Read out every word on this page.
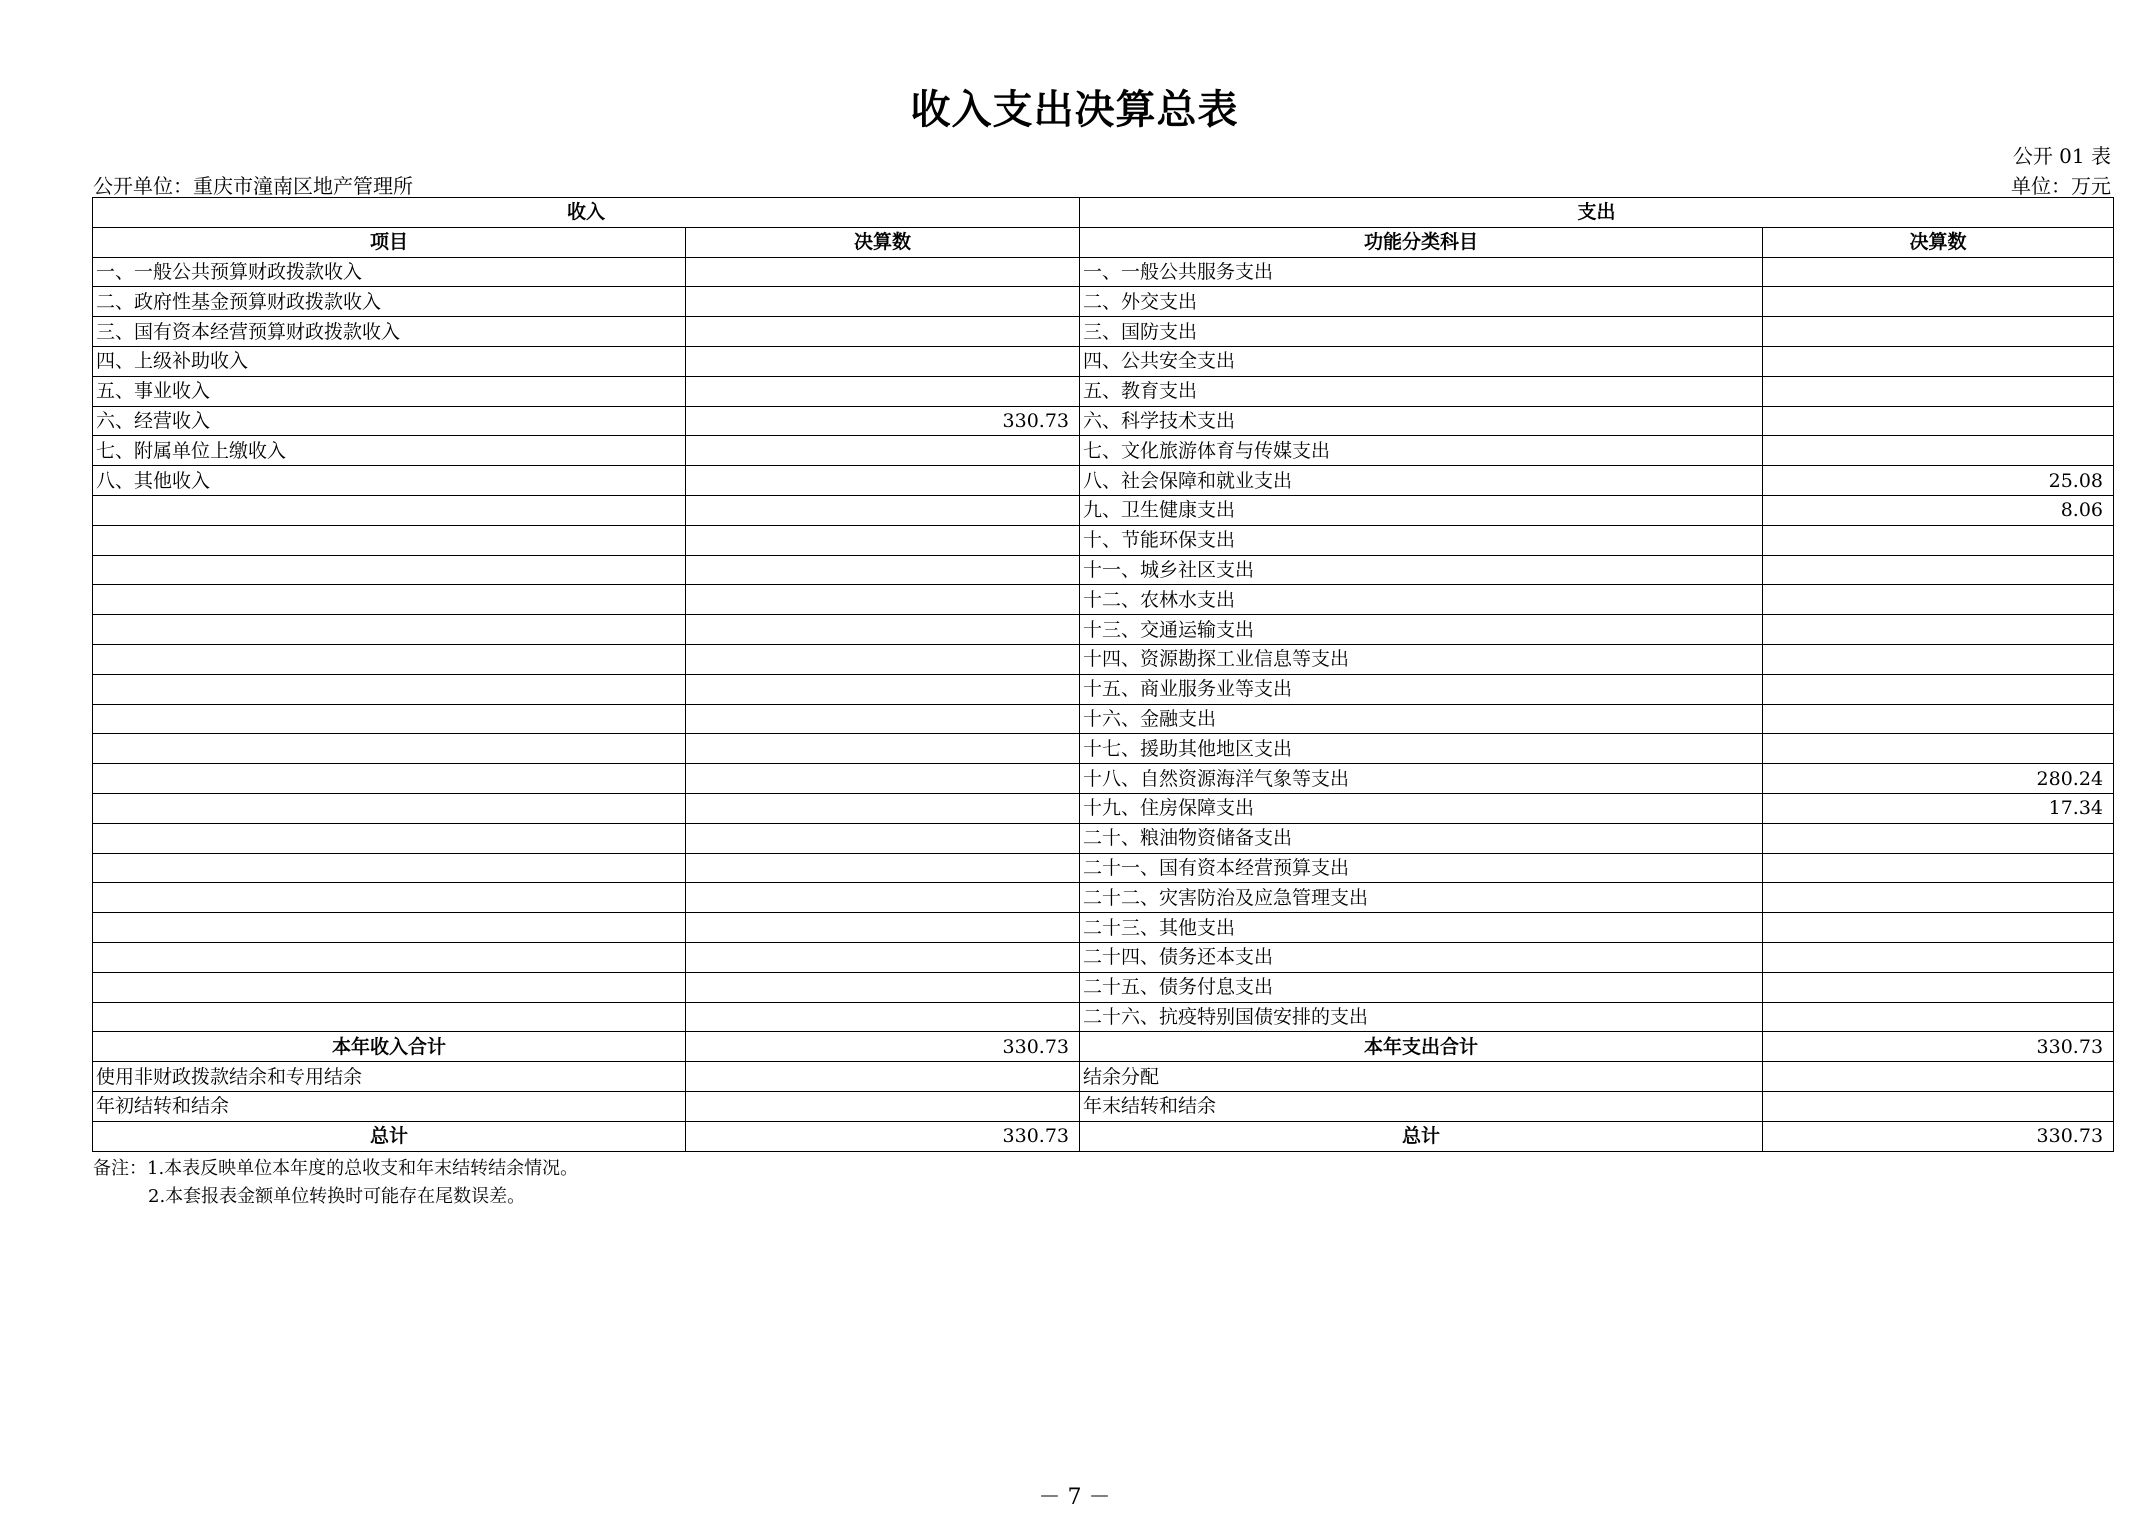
收入支出决算总表
公开 01 表
公开单位：重庆市潼南区地产管理所	单位：万元
收入		支出	
项目	决算数	功能分类科目	决算数
一、一般公共预算财政拨款收入		一、一般公共服务支出	
二、政府性基金预算财政拨款收入		二、外交支出	
三、国有资本经营预算财政拨款收入		三、国防支出	
四、上级补助收入		四、公共安全支出	
五、事业收入		五、教育支出	
六、经营收入	330.73	六、科学技术支出	
七、附属单位上缴收入		七、文化旅游体育与传媒支出	
八、其他收入		八、社会保障和就业支出	25.08
		九、卫生健康支出	8.06
		十、节能环保支出	
		十一、城乡社区支出	
		十二、农林水支出	
		十三、交通运输支出	
		十四、资源勘探工业信息等支出	
		十五、商业服务业等支出	
		十六、金融支出	
		十七、援助其他地区支出	
		十八、自然资源海洋气象等支出	280.24
		十九、住房保障支出	17.34
		二十、粮油物资储备支出	
		二十一、国有资本经营预算支出	
		二十二、灾害防治及应急管理支出	
		二十三、其他支出	
		二十四、债务还本支出	
		二十五、债务付息支出	
		二十六、抗疫特别国债安排的支出	
本年收入合计	330.73	本年支出合计	330.73
使用非财政拨款结余和专用结余		结余分配	
年初结转和结余		年末结转和结余	
总计	330.73	总计	330.73
备注：1.本表反映单位本年度的总收支和年末结转结余情况。
2.本套报表金额单位转换时可能存在尾数误差。
－ 7 －
